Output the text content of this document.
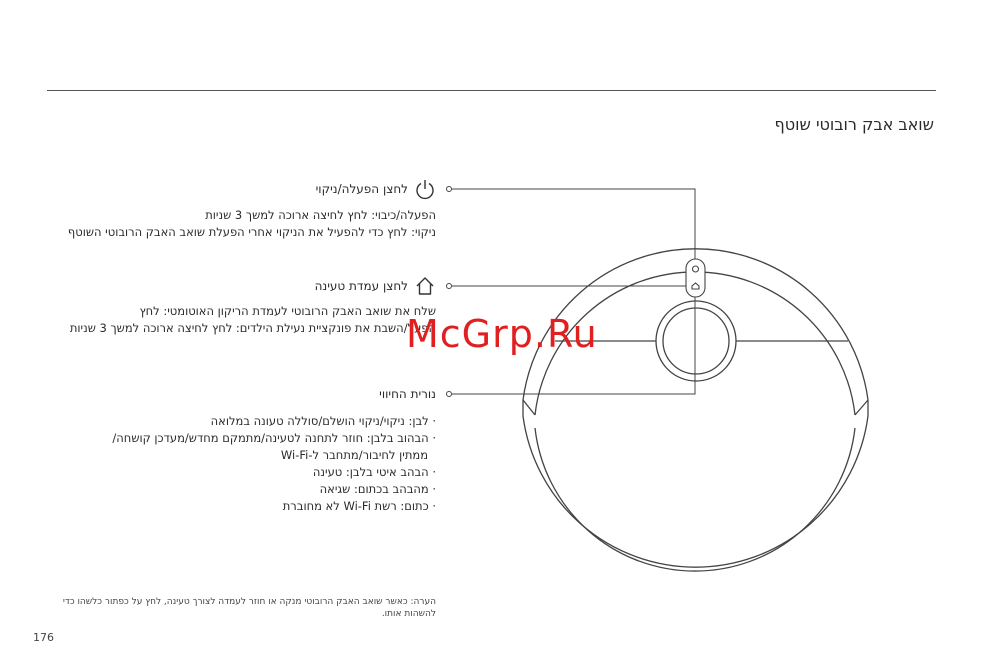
שואב אבק רובוטי שוטף
לחצן הפעלה/ניקוי
הפעלה/כיבוי: לחץ לחיצה ארוכה למשך 3 שניות
ניקוי: לחץ כדי להפעיל את הניקוי אחרי הפעלת שואב האבק הרובוטי השוטף
לחצן עמדת טעינה
שלח את שואב האבק הרובוטי לעמדת הריקון האוטומטי: לחץ
הפעל/השבת את פונקציית נעילת הילדים: לחץ לחיצה ארוכה למשך 3 שניות
נורית החיווי
· לבן: ניקוי/ניקוי הושלם/סוללה טעונה במלואה
· הבהוב בלבן: חוזר לתחנה לטעינה/מתמקם מחדש/מעדכן קושחה/
ממתין לחיבור/מתחבר ל-Wi-Fi
· הבהב איטי בלבן: טעינה
· מהבהב בכתום: שגיאה
· כתום: רשת Wi-Fi לא מחוברת
הערה: כאשר שואב האבק הרובוטי מנקה או חוזר לעמדה לצורך טעינה, לחץ על כפתור כלשהו כדי להשהות אותו.
176
McGrp.Ru
